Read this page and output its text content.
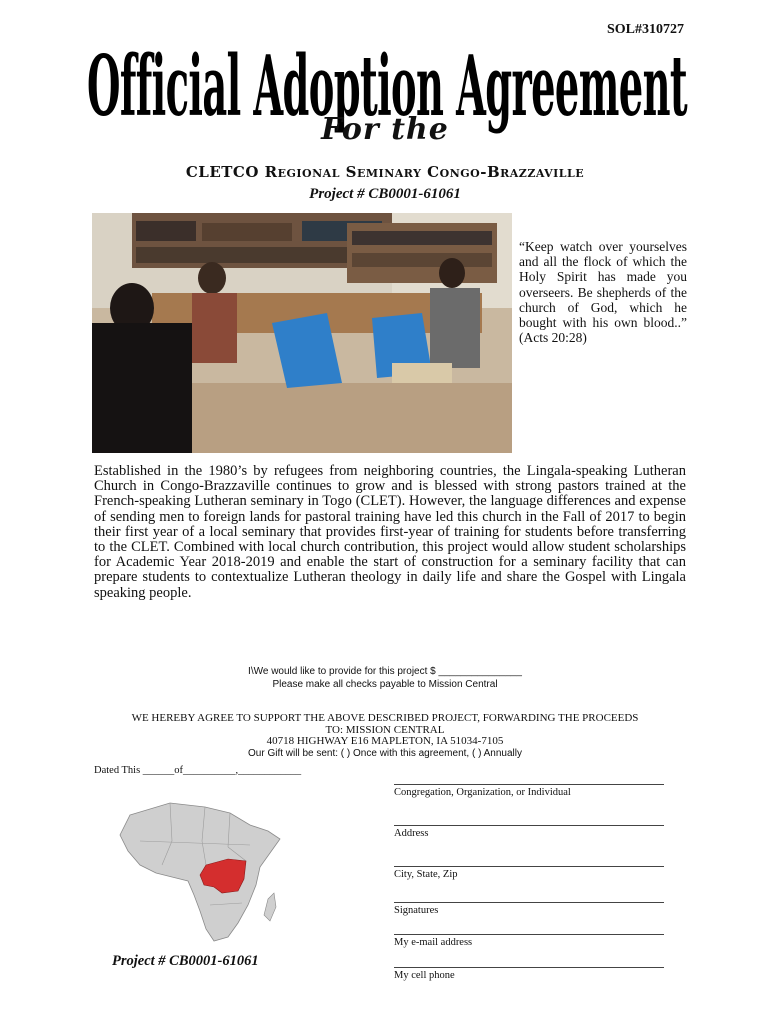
SOL#310727
Official Adoption Agreement
For the
CLETCO Regional Seminary Congo-Brazzaville
Project # CB0001-61061
“Keep watch over yourselves and all the flock of which the Holy Spirit has made you overseers. Be shepherds of the church of God, which he bought with his own blood..” (Acts 20:28)
Established in the 1980’s by refugees from neighboring countries, the Lingala-speaking Lutheran Church in Congo-Brazzaville continues to grow and is blessed with strong pastors trained at the French-speaking Lutheran seminary in Togo (CLET). However, the language differences and expense of sending men to foreign lands for pastoral training have led this church in the Fall of 2017 to begin their first year of a local seminary that provides first-year of training for students before transferring to the CLET. Combined with local church contribution, this project would allow student scholarships for Academic Year 2018-2019 and enable the start of construction for a seminary facility that can prepare students to contextualize Lutheran theology in daily life and share the Gospel with Lingala speaking people.
I\We would like to provide for this project $ _______________
Please make all checks payable to Mission Central
WE HEREBY AGREE TO SUPPORT THE ABOVE DESCRIBED PROJECT, FORWARDING THE PROCEEDS
TO: MISSION CENTRAL
40718 HIGHWAY E16 MAPLETON, IA 51034-7105
Our Gift will be sent: ( ) Once with this agreement, ( ) Annually
Dated This ______of__________,____________
Congregation, Organization, or Individual
Address
City, State, Zip
Signatures
My e-mail address
My cell phone
Project # CB0001-61061
